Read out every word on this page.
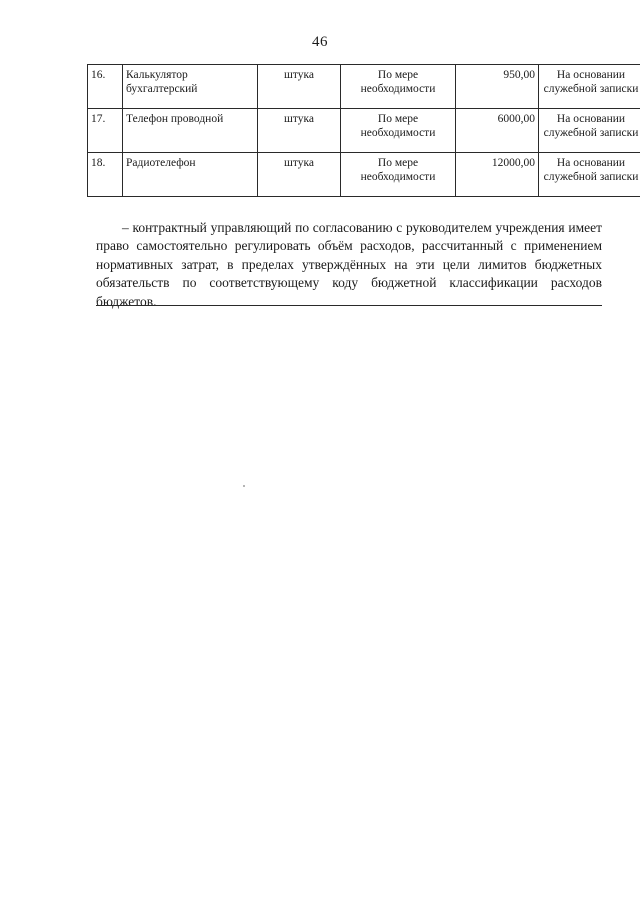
46
16.	Калькулятор бухгалтерский	штука	По мере необходимости	950,00	На основании служебной записки
17.	Телефон проводной	штука	По мере необходимости	6000,00	На основании служебной записки
18.	Радиотелефон	штука	По мере необходимости	12000,00	На основании служебной записки

– контрактный управляющий по согласованию с руководителем учреждения имеет право самостоятельно регулировать объём расходов, рассчитанный с применением нормативных затрат, в пределах утверждённых на эти цели лимитов бюджетных обязательств по соответствующему коду бюджетной классификации расходов бюджетов.
